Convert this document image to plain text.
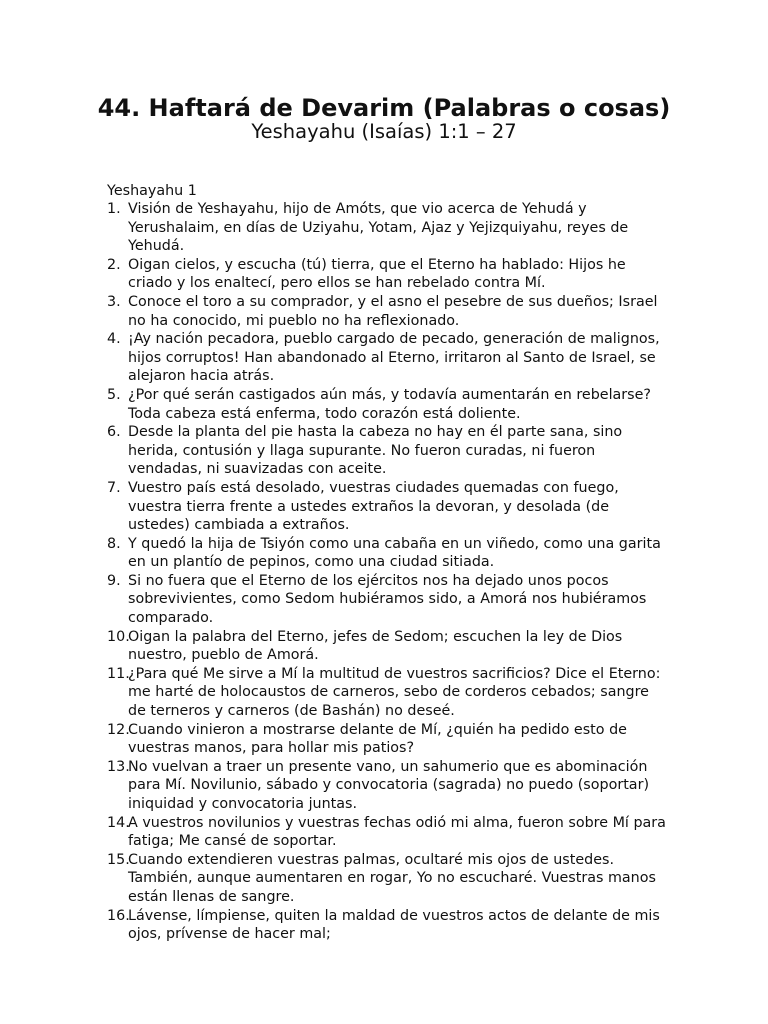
44. Haftará de Devarim (Palabras o cosas)
Yeshayahu (Isaías) 1:1 – 27
Yeshayahu 1
1. Visión de Yeshayahu, hijo de Amóts, que vio acerca de Yehudá y Yerushalaim, en días de Uziyahu, Yotam, Ajaz y Yejizquiyahu, reyes de Yehudá.
2. Oigan cielos, y escucha (tú) tierra, que el Eterno ha hablado: Hijos he criado y los enaltecí, pero ellos se han rebelado contra Mí.
3. Conoce el toro a su comprador, y el asno el pesebre de sus dueños; Israel no ha conocido, mi pueblo no ha reflexionado.
4. ¡Ay nación pecadora, pueblo cargado de pecado, generación de malignos, hijos corruptos! Han abandonado al Eterno, irritaron al Santo de Israel, se alejaron hacia atrás.
5. ¿Por qué serán castigados aún más, y todavía aumentarán en rebelarse? Toda cabeza está enferma, todo corazón está doliente.
6. Desde la planta del pie hasta la cabeza no hay en él parte sana, sino herida, contusión y llaga supurante. No fueron curadas, ni fueron vendadas, ni suavizadas con aceite.
7. Vuestro país está desolado, vuestras ciudades quemadas con fuego, vuestra tierra frente a ustedes extraños la devoran, y desolada (de ustedes) cambiada a extraños.
8. Y quedó la hija de Tsiyón como una cabaña en un viñedo, como una garita en un plantío de pepinos, como una ciudad sitiada.
9. Si no fuera que el Eterno de los ejércitos nos ha dejado unos pocos sobrevivientes, como Sedom hubiéramos sido, a Amorá nos hubiéramos comparado.
10.
Oigan la palabra del Eterno, jefes de Sedom; escuchen la ley de Dios nuestro, pueblo de Amorá.
11.
¿Para qué Me sirve a Mí la multitud de vuestros sacrificios? Dice el Eterno: me harté de holocaustos de carneros, sebo de corderos cebados; sangre de terneros y carneros (de Bashán) no deseé.
12.
Cuando vinieron a mostrarse delante de Mí, ¿quién ha pedido esto de vuestras manos, para hollar mis patios?
13.
No vuelvan a traer un presente vano, un sahumerio que es abominación para Mí. Novilunio, sábado y convocatoria (sagrada) no puedo (soportar) iniquidad y convocatoria juntas.
14.
A vuestros novilunios y vuestras fechas odió mi alma, fueron sobre Mí para fatiga; Me cansé de soportar.
15.
Cuando extendieren vuestras palmas, ocultaré mis ojos de ustedes. También, aunque aumentaren en rogar, Yo no escucharé. Vuestras manos están llenas de sangre.
16.
Lávense, límpiense, quiten la maldad de vuestros actos de delante de mis ojos, prívense de hacer mal;
